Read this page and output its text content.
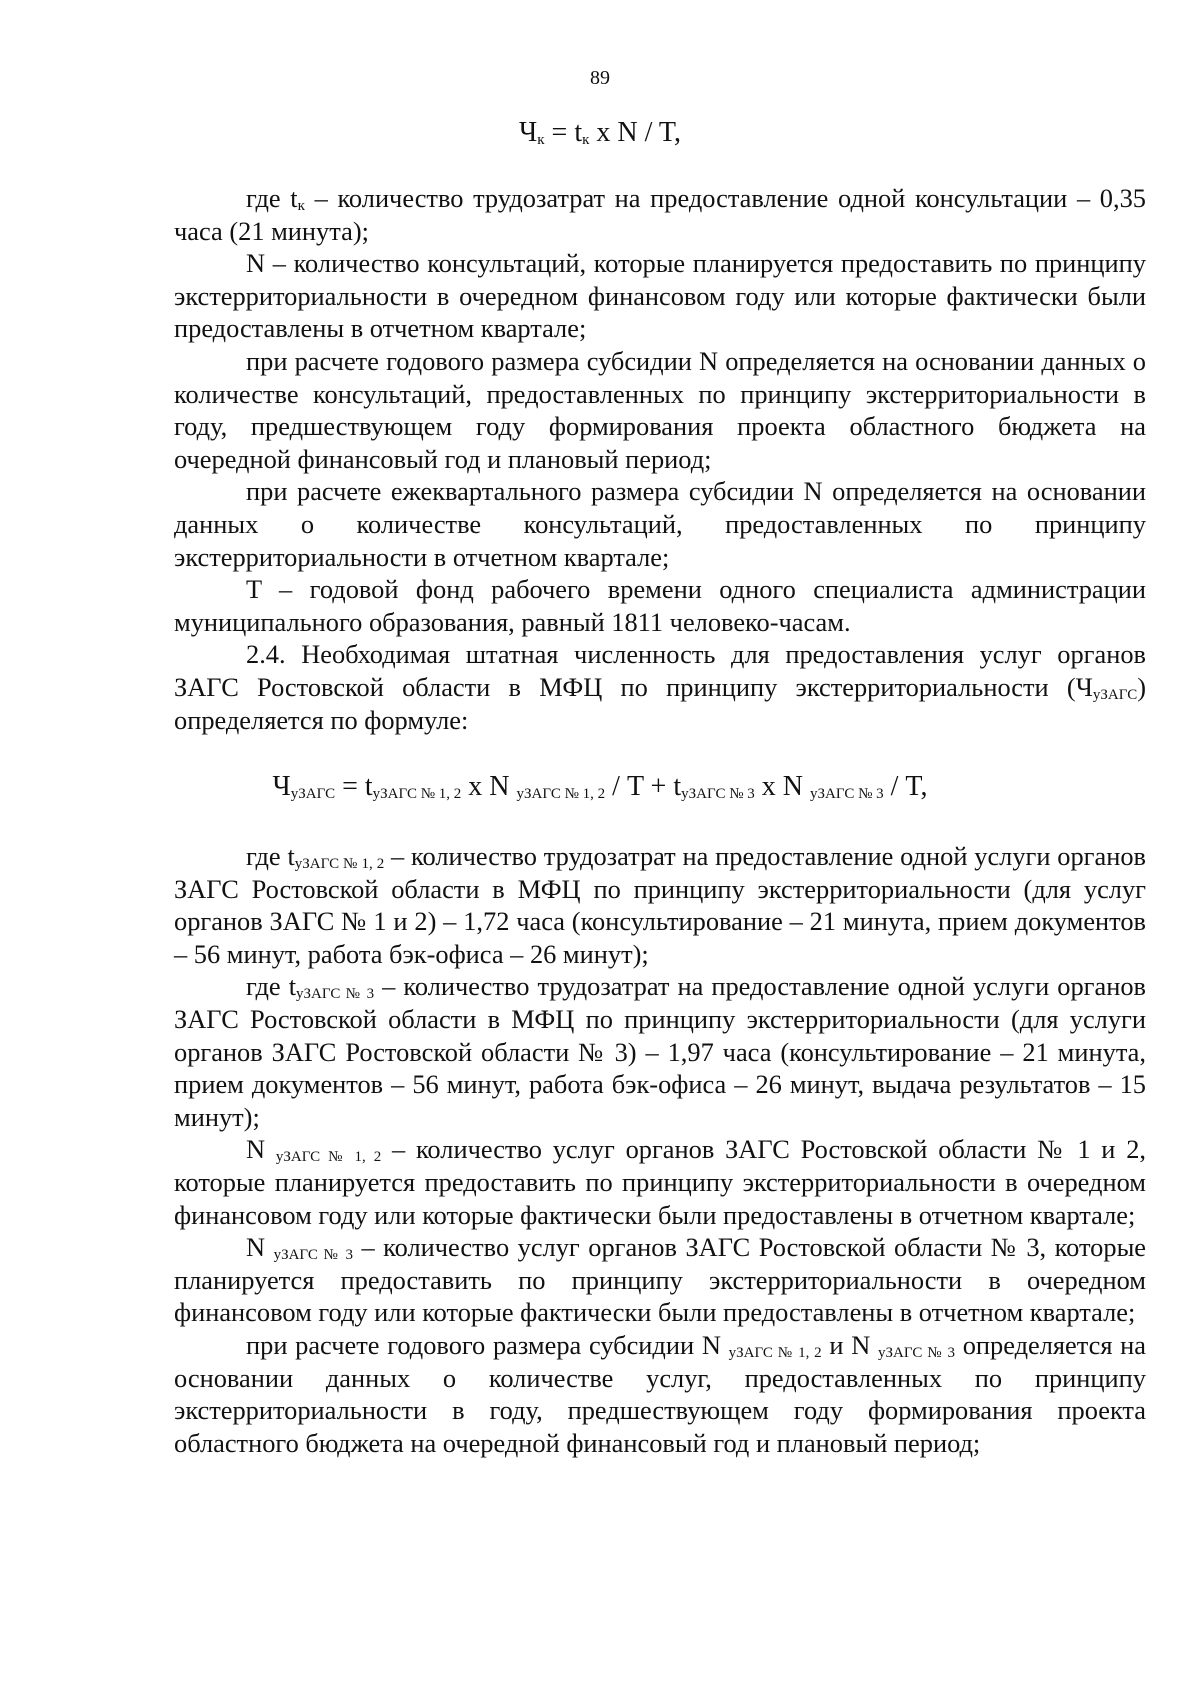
89
$Ч_к = t_к$ x N / T,

где $t_к$ – количество трудозатрат на предоставление одной консультации – 0,35 часа (21 минута);

N – количество консультаций, которые планируется предоставить по принципу экстерриториальности в очередном финансовом году или которые фактически были предоставлены в отчетном квартале;

при расчете годового размера субсидии N определяется на основании данных о количестве консультаций, предоставленных по принципу экстерриториальности в году, предшествующем году формирования проекта областного бюджета на очередной финансовый год и плановый период;

при расчете ежеквартального размера субсидии N определяется на основании данных о количестве консультаций, предоставленных по принципу экстерриториальности в отчетном квартале;

T – годовой фонд рабочего времени одного специалиста администрации муниципального образования, равный 1811 человеко-часам.

2.4. Необходимая штатная численность для предоставления услуг органов ЗАГС Ростовской области в МФЦ по принципу экстерриториальности $(Ч_{уЗАГС})$ определяется по формуле:

$Ч_{уЗАГС} = t_{уЗАГС № 1, 2}$ x N $_{уЗАГС № 1, 2} / T + t_{уЗАГС № 3}$ x N $_{уЗАГС № 3}$ / T,

где $t_{уЗАГС № 1, 2}$ – количество трудозатрат на предоставление одной услуги органов ЗАГС Ростовской области в МФЦ по принципу экстерриториальности (для услуг органов ЗАГС № 1 и 2) – 1,72 часа (консультирование – 21 минута, прием документов – 56 минут, работа бэк-офиса – 26 минут);

где $t_{уЗАГС № 3}$ – количество трудозатрат на предоставление одной услуги органов ЗАГС Ростовской области в МФЦ по принципу экстерриториальности (для услуги органов ЗАГС Ростовской области № 3) – 1,97 часа (консультирование – 21 минута, прием документов – 56 минут, работа бэк-офиса – 26 минут, выдача результатов – 15 минут);

N $_{уЗАГС № 1, 2}$ – количество услуг органов ЗАГС Ростовской области № 1 и 2, которые планируется предоставить по принципу экстерриториальности в очередном финансовом году или которые фактически были предоставлены в отчетном квартале;

N $_{уЗАГС № 3}$ – количество услуг органов ЗАГС Ростовской области № 3, которые планируется предоставить по принципу экстерриториальности в очередном финансовом году или которые фактически были предоставлены в отчетном квартале;

при расчете годового размера субсидии N $_{уЗАГС № 1, 2}$ и N $_{уЗАГС № 3}$ определяется на основании данных о количестве услуг, предоставленных по принципу экстерриториальности в году, предшествующем году формирования проекта областного бюджета на очередной финансовый год и плановый период;
